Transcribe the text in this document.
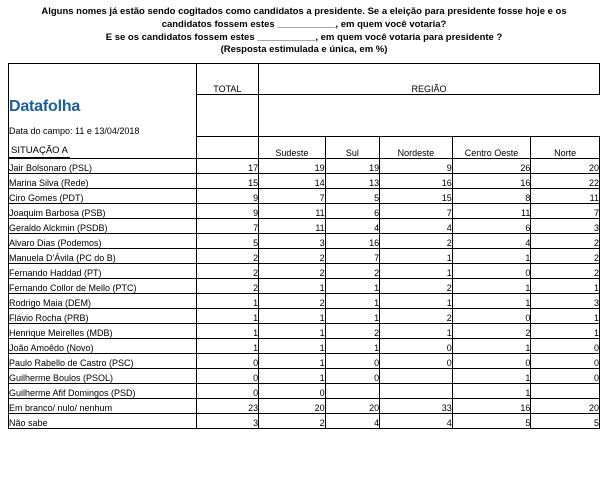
Alguns nomes já estão sendo cogitados como candidatos a presidente. Se a eleição para presidente fosse hoje e os
candidatos fossem estes ___________, em quem você votaria?
E se os candidatos fossem estes ___________, em quem você votaria para presidente ?
(Resposta estimulada e única, em %)
Datafolha
Data do campo: 11 e 13/04/2018	TOTAL	REGIÃO				

SITUAÇÃO A		Sudeste	Sul	Nordeste	Centro Oeste	Norte
Jair Bolsonaro (PSL)	17	19	19	9	26	20
Marina Silva (Rede)	15	14	13	16	16	22
Ciro Gomes (PDT)	9	7	5	15	8	11
Joaquim Barbosa (PSB)	9	11	6	7	11	7
Geraldo Alckmin (PSDB)	7	11	4	4	6	3
Alvaro Dias (Podemos)	5	3	16	2	4	2
Manuela D'Ávila (PC do B)	2	2	7	1	1	2
Fernando Haddad (PT)	2	2	2	1	0	2
Fernando Collor de Mello (PTC)	2	1	1	2	1	1
Rodrigo Maia (DEM)	1	2	1	1	1	3
Flávio Rocha (PRB)	1	1	1	2	0	1
Henrique Meirelles (MDB)	1	1	2	1	2	1
João Amoêdo (Novo)	1	1	1	0	1	0
Paulo Rabello de Castro (PSC)	0	1	0	0	0	0
Guilherme Boulos (PSOL)	0	1	0		1	0
Guilherme Afif Domingos (PSD)	0	0			1	
Em branco/ nulo/ nenhum	23	20	20	33	16	20
Não sabe	3	2	4	4	5	5
